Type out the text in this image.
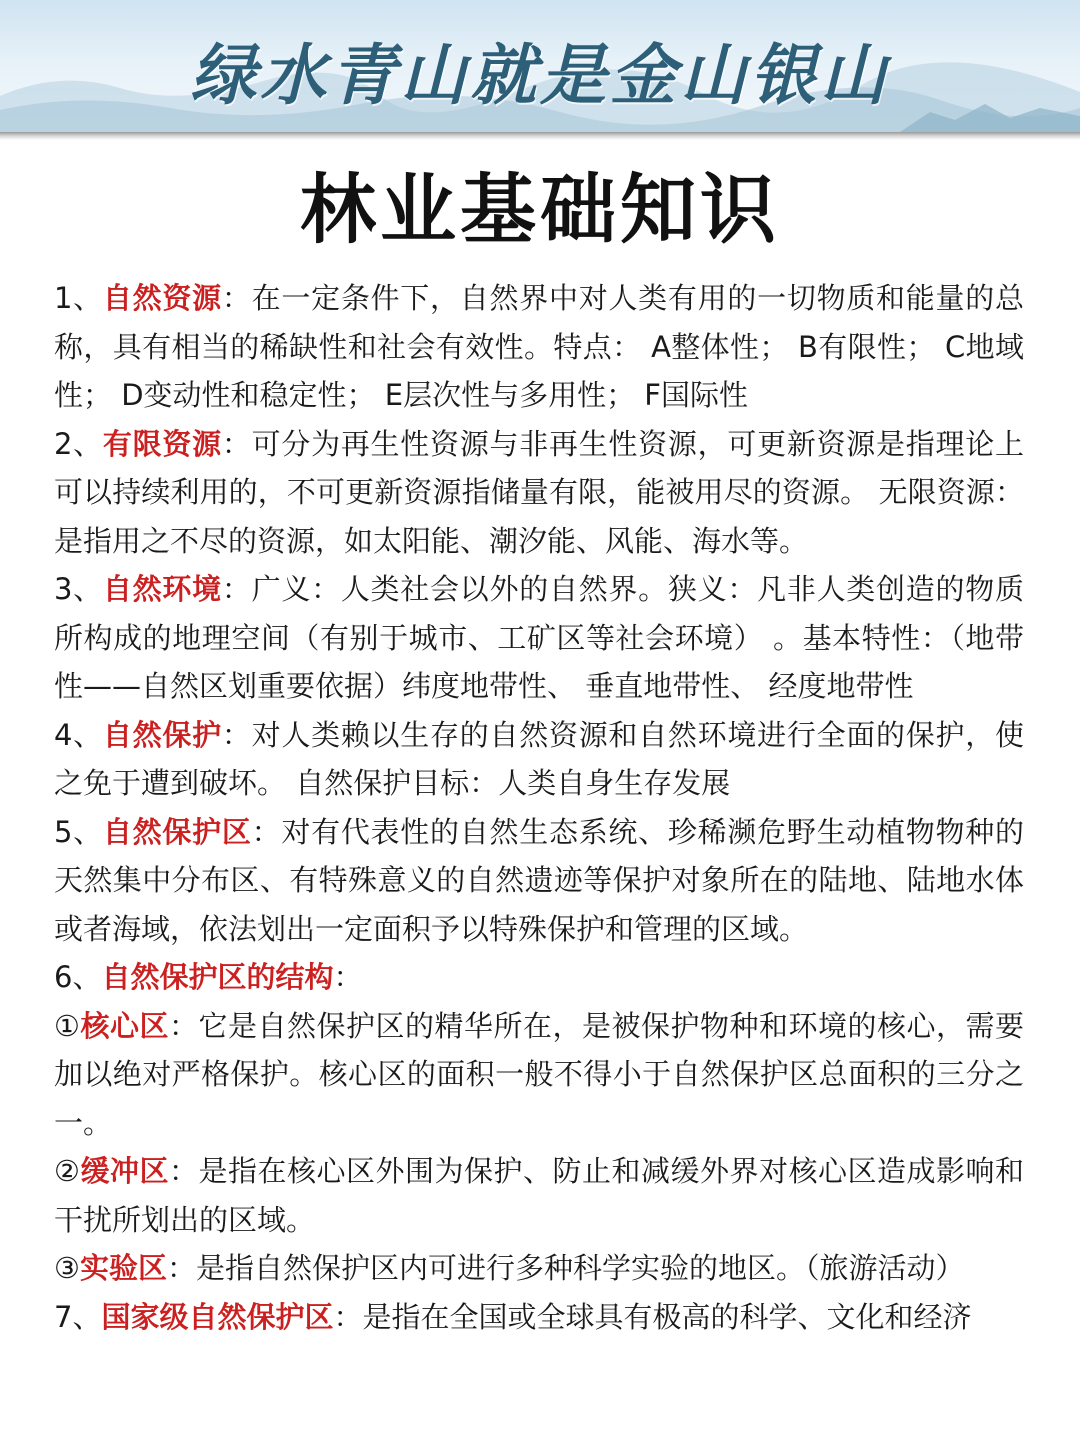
绿水青山就是金山银山
林业基础知识

1、自然资源：在一定条件下，自然界中对人类有用的一切物质和能量的总称，具有相当的稀缺性和社会有效性。特点： A整体性； B有限性； C地域性； D变动性和稳定性； E层次性与多用性； F国际性

2、有限资源：可分为再生性资源与非再生性资源，可更新资源是指理论上可以持续利用的，不可更新资源指储量有限，能被用尽的资源。 无限资源：是指用之不尽的资源，如太阳能、潮汐能、风能、海水等。

3、自然环境：广义：人类社会以外的自然界。狭义：凡非人类创造的物质所构成的地理空间（有别于城市、工矿区等社会环境） 。基本特性：（地带性——自然区划重要依据）纬度地带性、 垂直地带性、 经度地带性

4、自然保护：对人类赖以生存的自然资源和自然环境进行全面的保护，使之免于遭到破坏。 自然保护目标：人类自身生存发展

5、自然保护区：对有代表性的自然生态系统、珍稀濒危野生动植物物种的天然集中分布区、有特殊意义的自然遗迹等保护对象所在的陆地、陆地水体或者海域，依法划出一定面积予以特殊保护和管理的区域。

6、自然保护区的结构：

①核心区：它是自然保护区的精华所在，是被保护物种和环境的核心，需要加以绝对严格保护。核心区的面积一般不得小于自然保护区总面积的三分之一。

②缓冲区：是指在核心区外围为保护、防止和减缓外界对核心区造成影响和干扰所划出的区域。

③实验区：是指自然保护区内可进行多种科学实验的地区。（旅游活动）

7、国家级自然保护区：是指在全国或全球具有极高的科学、文化和经济
